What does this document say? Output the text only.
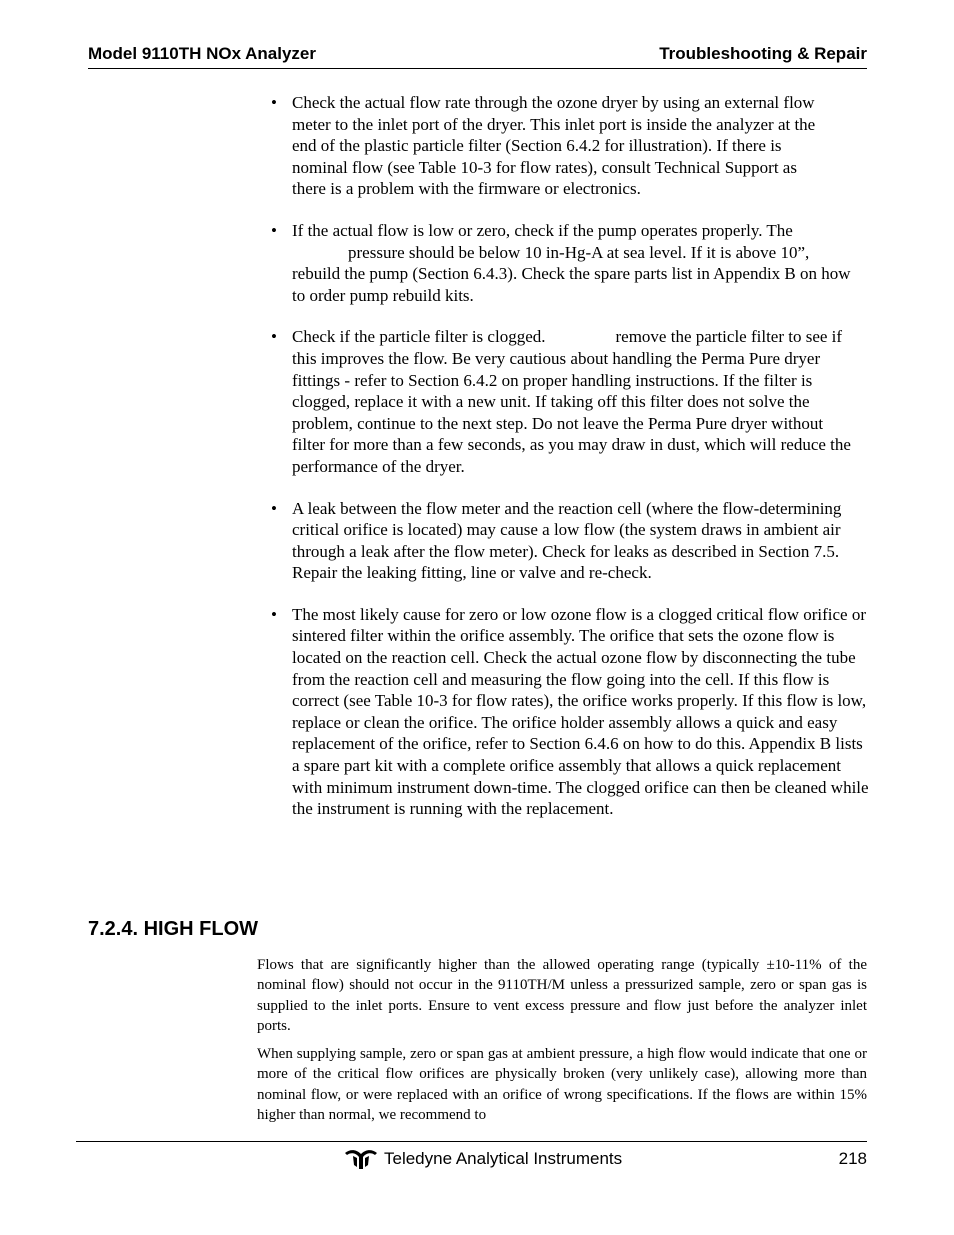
Model 9110TH NOx Analyzer	Troubleshooting & Repair
• Check the actual flow rate through the ozone dryer by using an external flow meter to the inlet port of the dryer. This inlet port is inside the analyzer at the end of the plastic particle filter (Section 6.4.2 for illustration). If there is nominal flow (see Table 10-3 for flow rates), consult Technical Support as there is a problem with the firmware or electronics.
• If the actual flow is low or zero, check if the pump operates properly. The
pressure should be below 10 in-Hg-A at sea level. If it is above 10”, rebuild the pump (Section 6.4.3). Check the spare parts list in Appendix B on how to order pump rebuild kits.
• Check if the particle filter is clogged.	remove the particle filter to see if this improves the flow. Be very cautious about handling the Perma Pure dryer fittings - refer to Section 6.4.2 on proper handling instructions. If the filter is clogged, replace it with a new unit. If taking off this filter does not solve the problem, continue to the next step. Do not leave the Perma Pure dryer without filter for more than a few seconds, as you may draw in dust, which will reduce the performance of the dryer.
• A leak between the flow meter and the reaction cell (where the flow-determining critical orifice is located) may cause a low flow (the system draws in ambient air through a leak after the flow meter). Check for leaks as described in Section 7.5. Repair the leaking fitting, line or valve and re-check.
• The most likely cause for zero or low ozone flow is a clogged critical flow orifice or sintered filter within the orifice assembly. The orifice that sets the ozone flow is located on the reaction cell. Check the actual ozone flow by disconnecting the tube from the reaction cell and measuring the flow going into the cell. If this flow is correct (see Table 10-3 for flow rates), the orifice works properly. If this flow is low, replace or clean the orifice. The orifice holder assembly allows a quick and easy replacement of the orifice, refer to Section 6.4.6 on how to do this. Appendix B lists a spare part kit with a complete orifice assembly that allows a quick replacement with minimum instrument down-time. The clogged orifice can then be cleaned while the instrument is running with the replacement.
7.2.4. HIGH FLOW

Flows that are significantly higher than the allowed operating range (typically ±10-11% of the nominal flow) should not occur in the 9110TH/M unless a pressurized sample, zero or span gas is supplied to the inlet ports. Ensure to vent excess pressure and flow just before the analyzer inlet ports.

When supplying sample, zero or span gas at ambient pressure, a high flow would indicate that one or more of the critical flow orifices are physically broken (very unlikely case), allowing more than nominal flow, or were replaced with an orifice of wrong specifications. If the flows are within 15% higher than normal, we recommend to

Teledyne Analytical Instruments	218
